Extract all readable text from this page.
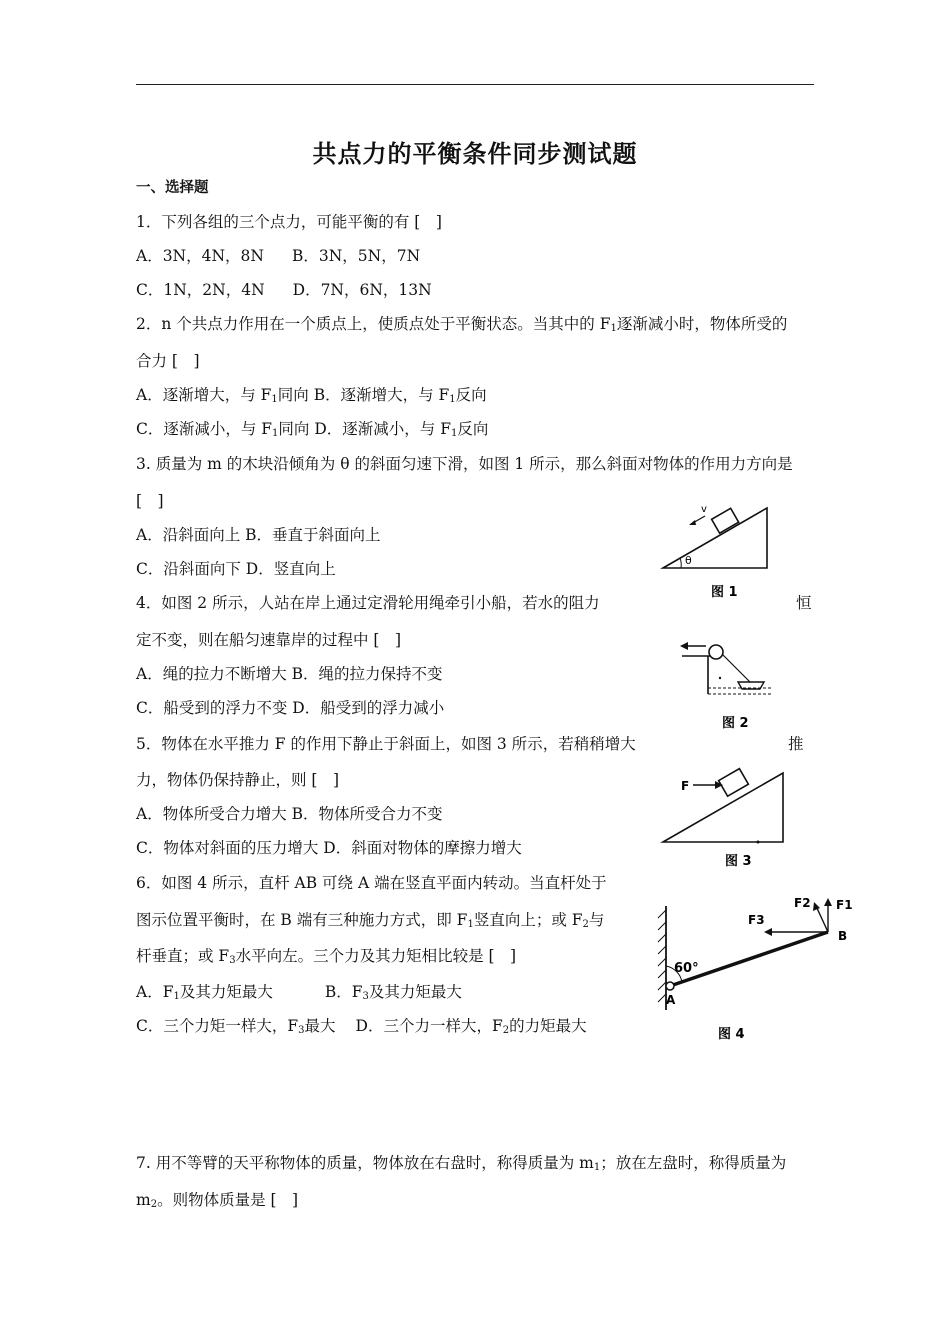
共点力的平衡条件同步测试题
一、选择题
1．下列各组的三个点力，可能平衡的有 [　]
A．3N，4N，8N B．3N，5N，7N
C．1N，2N，4N D．7N，6N，13N
2．n 个共点力作用在一个质点上，使质点处于平衡状态。当其中的 $F_1$逐渐减小时，物体所受的
合力 [　]
A．逐渐增大，与 $F_1$同向 B．逐渐增大，与 $F_1$反向
C．逐渐减小，与 $F_1$同向 D．逐渐减小，与 $F_1$反向
3. 质量为 m 的木块沿倾角为 θ 的斜面匀速下滑，如图 1 所示，那么斜面对物体的作用力方向是
[　]
A．沿斜面向上 B．垂直于斜面向上
C．沿斜面向下 D．竖直向上
4．如图 2 所示，人站在岸上通过定滑轮用绳牵引小船，若水的阻力	恒
定不变，则在船匀速靠岸的过程中 [　]
A．绳的拉力不断增大 B．绳的拉力保持不变
C．船受到的浮力不变 D．船受到的浮力减小
5．物体在水平推力 F 的作用下静止于斜面上，如图 3 所示，若稍稍增大	推
力，物体仍保持静止，则 [　]
A．物体所受合力增大 B．物体所受合力不变
C．物体对斜面的压力增大 D．斜面对物体的摩擦力增大
6．如图 4 所示，直杆 AB 可绕 A 端在竖直平面内转动。当直杆处于
图示位置平衡时，在 B 端有三种施力方式，即 $F_1$竖直向上；或 $F_2$与
杆垂直；或 $F_3$水平向左。三个力及其力矩相比较是 [　]
A．$F_1$及其力矩最大	B．$F_3$及其力矩最大
C．三个力矩一样大，$F_3$最大 D．三个力一样大，$F_2$的力矩最大
7. 用不等臂的天平称物体的质量，物体放在右盘时，称得质量为 $m_1$；放在左盘时，称得质量为
$m_2$。则物体质量是 [　]
v
θ
图 1
图 2
F
图 3
60°
A
B
F1
F2
F3
图 4
